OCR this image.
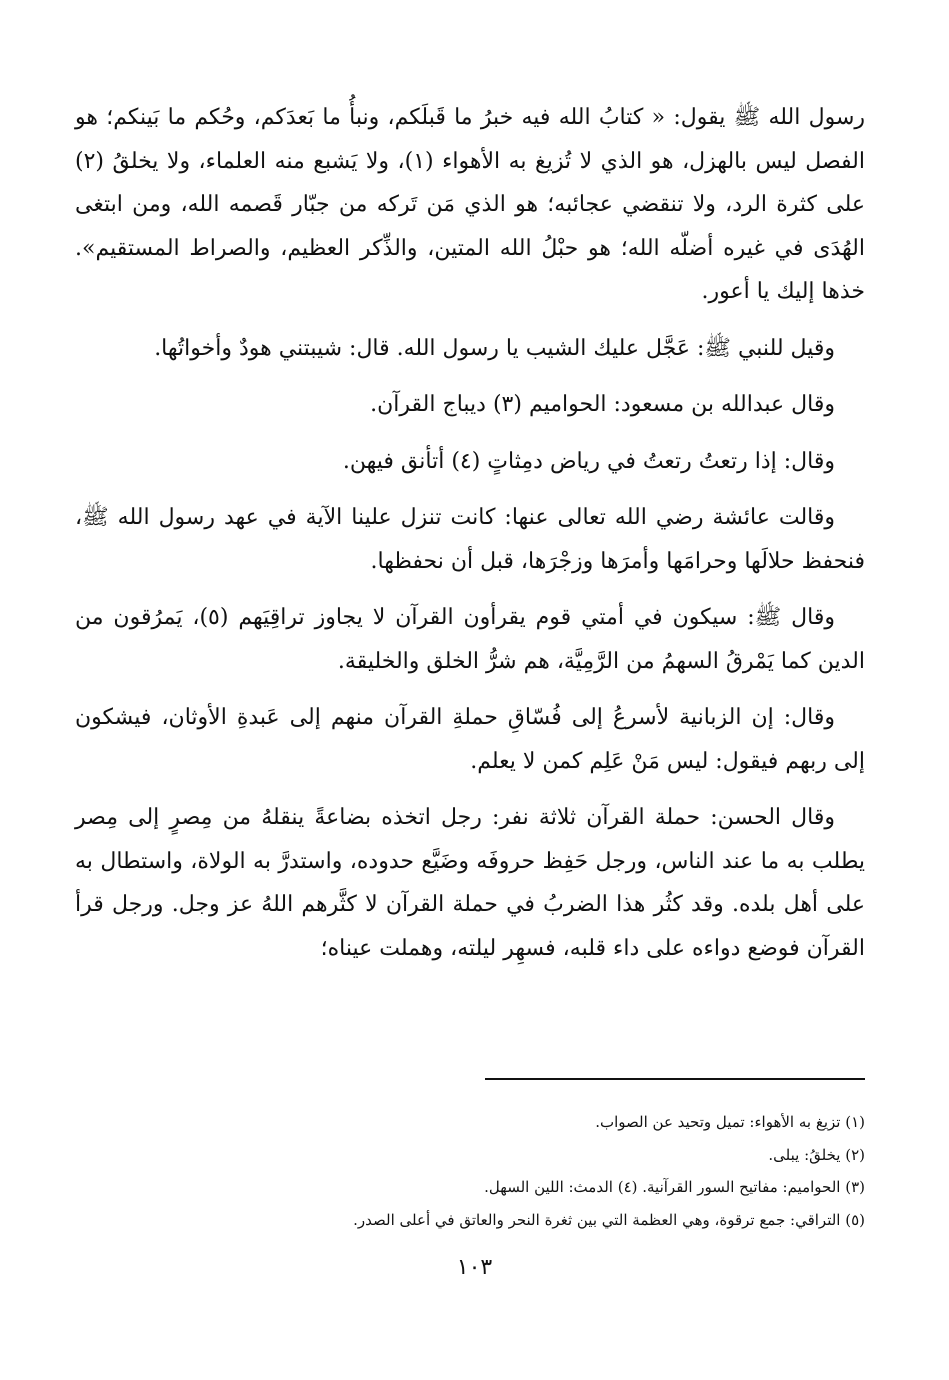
رسول الله ﷺ يقول: « كتابُ الله فيه خبرُ ما قَبلَكم، ونبأُ ما بَعدَكم، وحُكم ما بَينكم؛ هو الفصل ليس بالهزل، هو الذي لا تُزيغ به الأهواء (١)، ولا يَشبع منه العلماء، ولا يخلقُ (٢) على كثرة الرد، ولا تنقضي عجائبه؛ هو الذي مَن تَركه من جبّار قَصمه الله، ومن ابتغى الهُدَى في غيره أضلّه الله؛ هو حبْلُ الله المتين، والذِّكر العظيم، والصراط المستقيم». خذها إليك يا أعور.

وقيل للنبي ﷺ: عَجَّل عليك الشيب يا رسول الله. قال: شيبتني هودٌ وأخواتُها.

وقال عبدالله بن مسعود: الحواميم (٣) ديباج القرآن.

وقال: إذا رتعتُ رتعتُ في رياض دمِثاتٍ (٤) أتأنق فيهن.

وقالت عائشة رضي الله تعالى عنها: كانت تنزل علينا الآية في عهد رسول الله ﷺ، فنحفظ حلالَها وحرامَها وأمرَها وزجْرَها، قبل أن نحفظها.

وقال ﷺ: سيكون في أمتي قوم يقرأون القرآن لا يجاوز تراقِيَهم (٥)، يَمرُقون من الدين كما يَمْرقُ السهمُ من الرَّمِيَّة، هم شرُّ الخلق والخليقة.

وقال: إن الزبانية لأسرعُ إلى فُسّاقِ حملةِ القرآن منهم إلى عَبدةِ الأوثان، فيشكون إلى ربهم فيقول: ليس مَنْ عَلِم كمن لا يعلم.

وقال الحسن: حملة القرآن ثلاثة نفر: رجل اتخذه بضاعةً ينقلهُ من مِصرٍ إلى مِصر يطلب به ما عند الناس، ورجل حَفِظ حروفَه وضَيَّع حدوده، واستدرَّ به الولاة، واستطال به على أهل بلده. وقد كثُر هذا الضربُ في حملة القرآن لا كثَّرهم اللهُ عز وجل. ورجل قرأ القرآن فوضع دواءه على داء قلبه، فسهِر ليلته، وهملت عيناه؛

(١) تزيغ به الأهواء: تميل وتحيد عن الصواب.

(٢) يخلقُ: يبلى.

(٣) الحواميم: مفاتيح السور القرآنية. (٤) الدمث: اللين السهل.

(٥) التراقي: جمع ترقوة، وهي العظمة التي بين ثغرة النحر والعاتق في أعلى الصدر.

١٠٣
